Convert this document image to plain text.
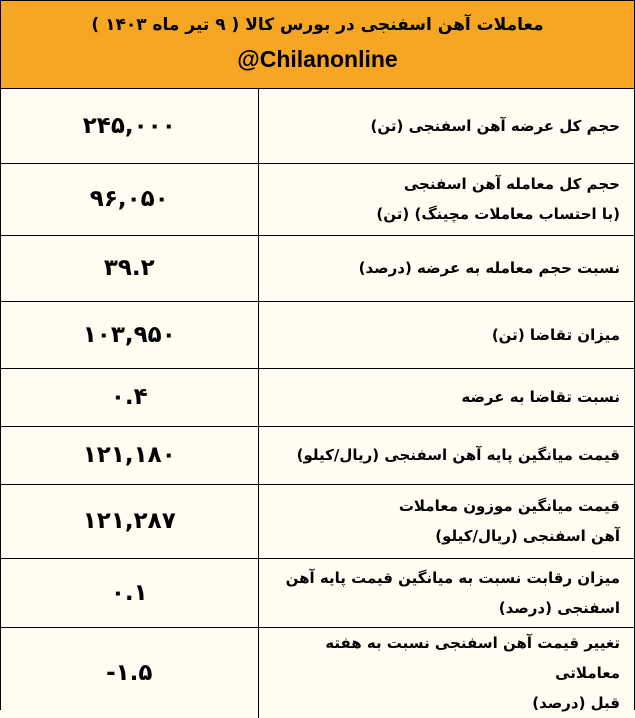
معاملات آهن اسفنجی در بورس کالا ( ۹ تیر ماه ۱۴۰۳ )
@Chilanonline
۲۴۵,۰۰۰	حجم کل عرضه آهن اسفنجی (تن)
۹۶,۰۵۰	حجم کل معامله آهن اسفنجی
(با احتساب معاملات مچینگ) (تن)
۳۹.۲	نسبت حجم معامله به عرضه (درصد)
۱۰۳,۹۵۰	میزان تقاضا (تن)
۰.۴	نسبت تقاضا به عرضه
۱۲۱,۱۸۰	قیمت میانگین پایه آهن اسفنجی (ریال/کیلو)
۱۲۱,۲۸۷	قیمت میانگین موزون معاملات
آهن اسفنجی (ریال/کیلو)
۰.۱	میزان رقابت نسبت به میانگین قیمت پایه آهن
اسفنجی (درصد)
-۱.۵	تغییر قیمت آهن اسفنجی نسبت به هفته معاملاتی
قبل (درصد)
